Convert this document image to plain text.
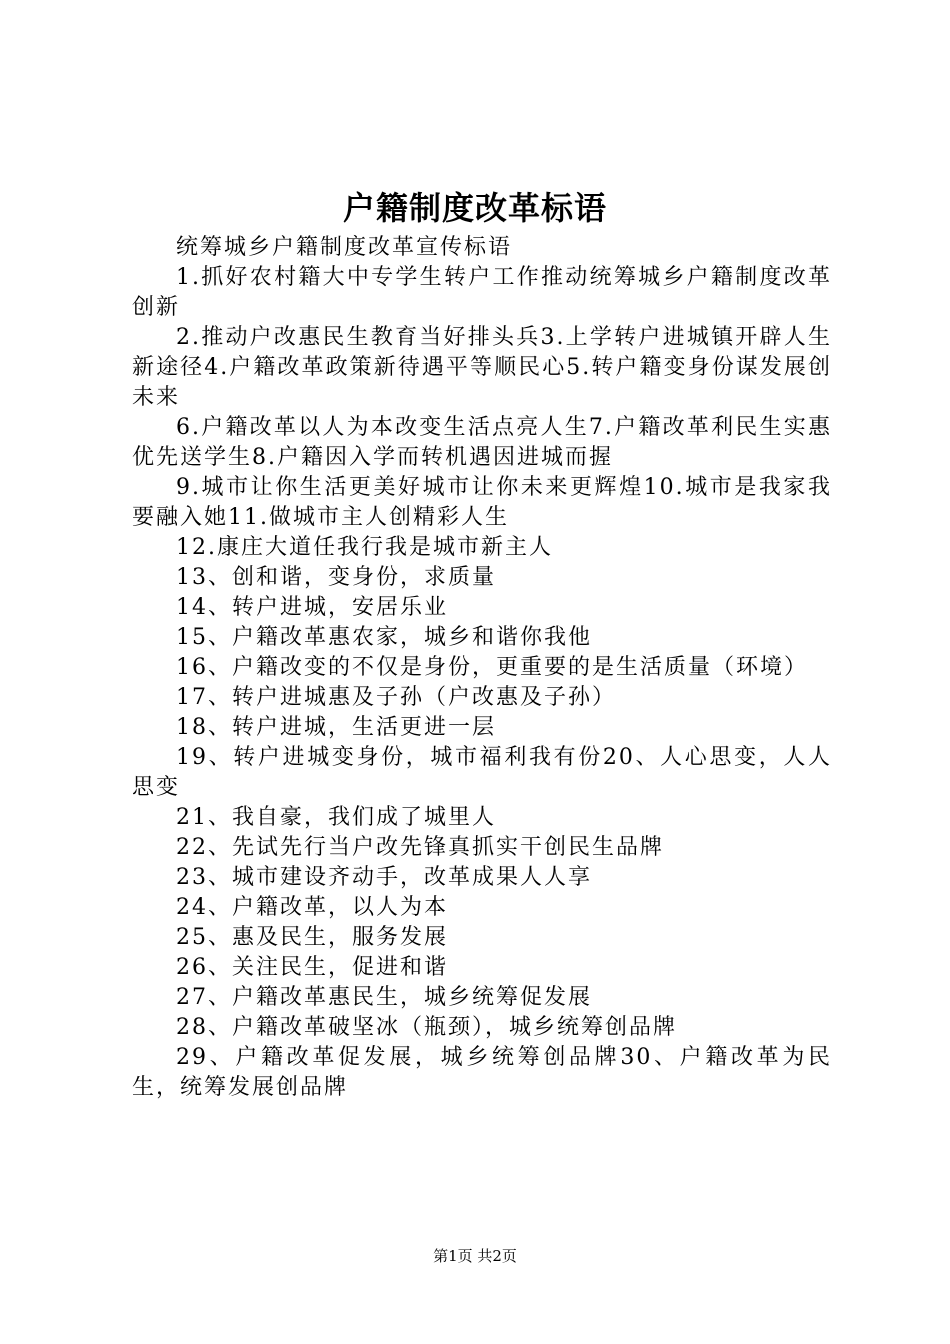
户籍制度改革标语

统筹城乡户籍制度改革宣传标语

1.抓好农村籍大中专学生转户工作推动统筹城乡户籍制度改革创新

2.推动户改惠民生教育当好排头兵3.上学转户进城镇开辟人生新途径4.户籍改革政策新待遇平等顺民心5.转户籍变身份谋发展创未来

6.户籍改革以人为本改变生活点亮人生7.户籍改革利民生实惠优先送学生8.户籍因入学而转机遇因进城而握

9.城市让你生活更美好城市让你未来更辉煌10.城市是我家我要融入她11.做城市主人创精彩人生

12.康庄大道任我行我是城市新主人

13、创和谐，变身份，求质量

14、转户进城，安居乐业

15、户籍改革惠农家，城乡和谐你我他

16、户籍改变的不仅是身份，更重要的是生活质量（环境）

17、转户进城惠及子孙（户改惠及子孙）

18、转户进城，生活更进一层

19、转户进城变身份，城市福利我有份20、人心思变，人人思变

21、我自豪，我们成了城里人

22、先试先行当户改先锋真抓实干创民生品牌

23、城市建设齐动手，改革成果人人享

24、户籍改革，以人为本

25、惠及民生，服务发展

26、关注民生，促进和谐

27、户籍改革惠民生，城乡统筹促发展

28、户籍改革破坚冰（瓶颈），城乡统筹创品牌

29、户籍改革促发展，城乡统筹创品牌30、户籍改革为民生，统筹发展创品牌

第1页 共2页
